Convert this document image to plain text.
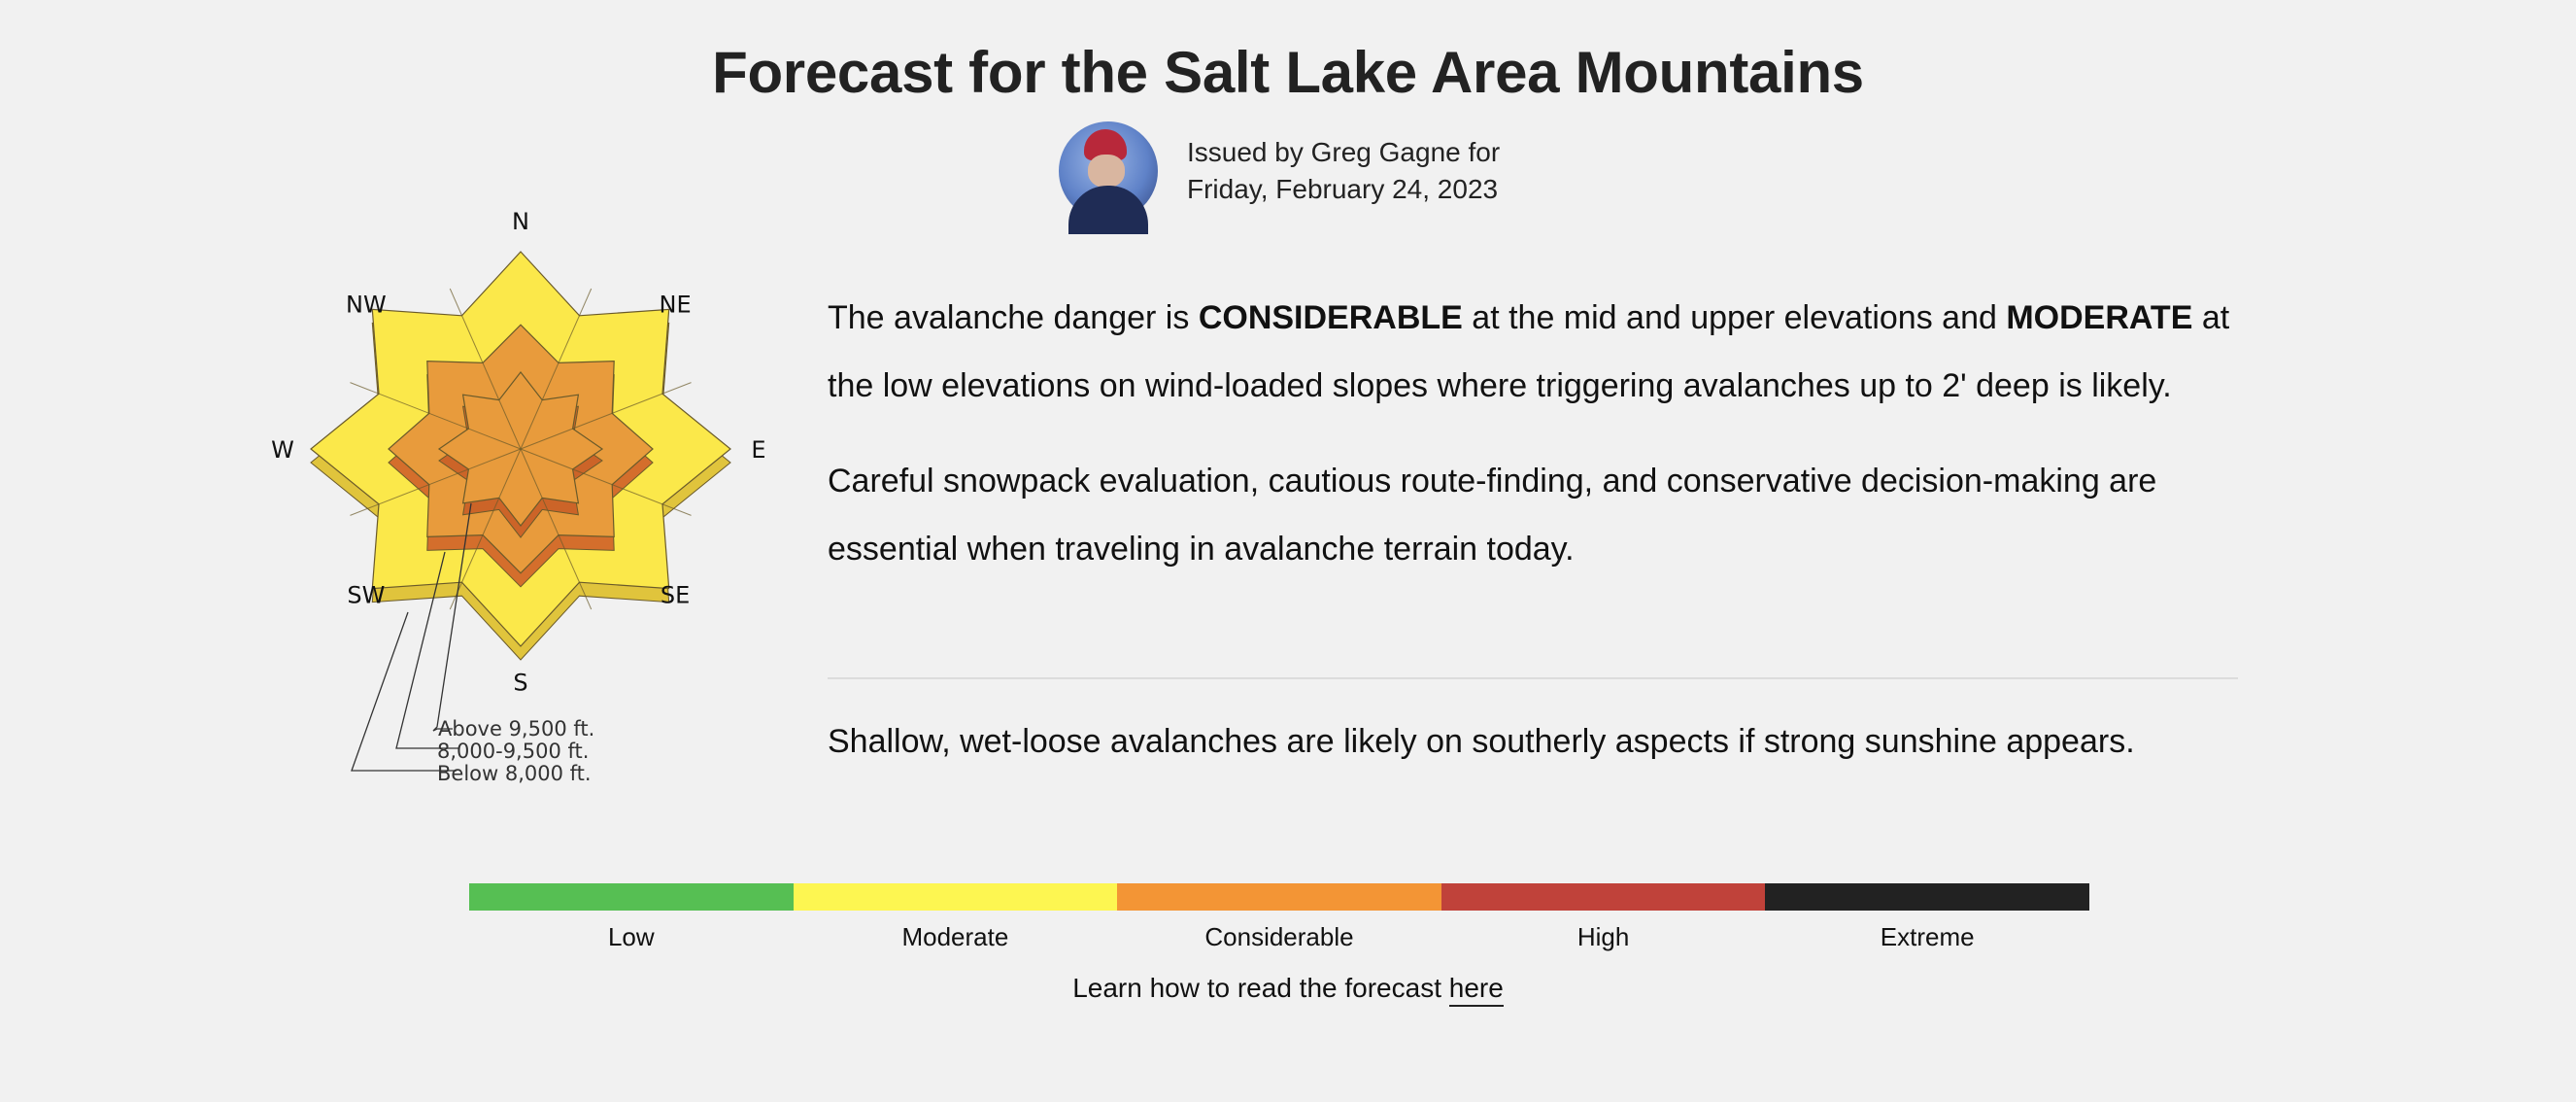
Forecast for the Salt Lake Area Mountains
Issued by Greg Gagne for
Friday, February 24, 2023
Above 9,500 ft.
8,000-9,500 ft.
Below 8,000 ft.
N
NE
E
SE
S
SW
W
NW	The avalanche danger is CONSIDERABLE at the mid and upper elevations and MODERATE at the low elevations on wind-loaded slopes where triggering avalanches up to 2' deep is likely.

Careful snowpack evaluation, cautious route-finding, and conservative decision-making are essential when traveling in avalanche terrain today.

Shallow, wet-loose avalanches are likely on southerly aspects if strong sunshine appears.

Low	Moderate	Considerable	High	Extreme
Learn how to read the forecast here
